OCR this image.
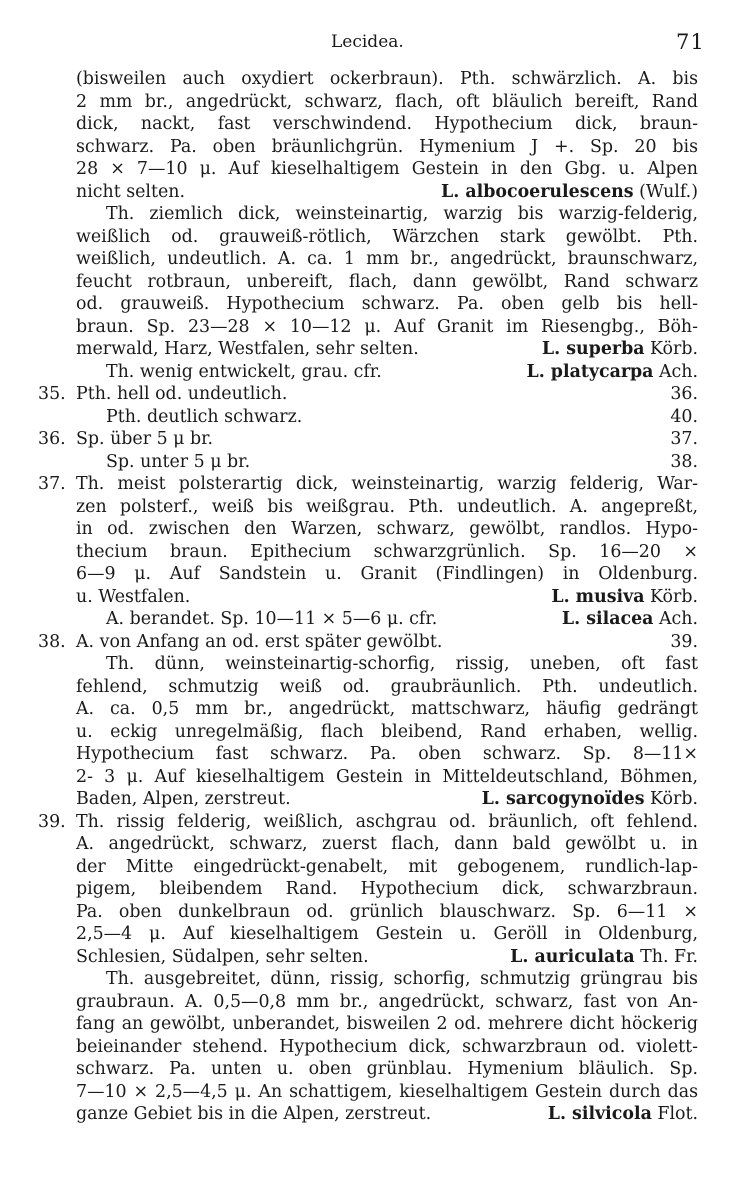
Lecidea.	71
(bisweilen auch oxydiert ockerbraun). Pth. schwärzlich. A. bis
2 mm br., angedrückt, schwarz, flach, oft bläulich bereift, Rand
dick, nackt, fast verschwindend. Hypothecium dick, braun-
schwarz. Pa. oben bräunlichgrün. Hymenium J +. Sp. 20 bis
28 × 7—10 μ. Auf kieselhaltigem Gestein in den Gbg. u. Alpen
nicht selten.	L. albocoerulescens (Wulf.)
Th. ziemlich dick, weinsteinartig, warzig bis warzig-felderig,
weißlich od. grauweiß-rötlich, Wärzchen stark gewölbt. Pth.
weißlich, undeutlich. A. ca. 1 mm br., angedrückt, braunschwarz,
feucht rotbraun, unbereift, flach, dann gewölbt, Rand schwarz
od. grauweiß. Hypothecium schwarz. Pa. oben gelb bis hell-
braun. Sp. 23—28 × 10—12 μ. Auf Granit im Riesengbg., Böh-
merwald, Harz, Westfalen, sehr selten.	L. superba Körb.
Th. wenig entwickelt, grau. cfr.	L. platycarpa Ach.
35. Pth. hell od. undeutlich.	36.
Pth. deutlich schwarz.	40.
36. Sp. über 5 μ br.	37.
Sp. unter 5 μ br.	38.
37. Th. meist polsterartig dick, weinsteinartig, warzig felderig, War-
zen polsterf., weiß bis weißgrau. Pth. undeutlich. A. angepreßt,
in od. zwischen den Warzen, schwarz, gewölbt, randlos. Hypo-
thecium braun. Epithecium schwarzgrünlich. Sp. 16—20 ×
6—9 μ. Auf Sandstein u. Granit (Findlingen) in Oldenburg.
u. Westfalen.	L. musiva Körb.
A. berandet. Sp. 10—11 × 5—6 μ. cfr.	L. silacea Ach.
38. A. von Anfang an od. erst später gewölbt.	39.
Th. dünn, weinsteinartig-schorfig, rissig, uneben, oft fast
fehlend, schmutzig weiß od. graubräunlich. Pth. undeutlich.
A. ca. 0,5 mm br., angedrückt, mattschwarz, häufig gedrängt
u. eckig unregelmäßig, flach bleibend, Rand erhaben, wellig.
Hypothecium fast schwarz. Pa. oben schwarz. Sp. 8—11×
2- 3 μ. Auf kieselhaltigem Gestein in Mitteldeutschland, Böhmen,
Baden, Alpen, zerstreut.	L. sarcogynoïdes Körb.
39. Th. rissig felderig, weißlich, aschgrau od. bräunlich, oft fehlend.
A. angedrückt, schwarz, zuerst flach, dann bald gewölbt u. in
der Mitte eingedrückt-genabelt, mit gebogenem, rundlich-lap-
pigem, bleibendem Rand. Hypothecium dick, schwarzbraun.
Pa. oben dunkelbraun od. grünlich blauschwarz. Sp. 6—11 ×
2,5—4 μ. Auf kieselhaltigem Gestein u. Geröll in Oldenburg,
Schlesien, Südalpen, sehr selten.	L. auriculata Th. Fr.
Th. ausgebreitet, dünn, rissig, schorfig, schmutzig grüngrau bis
graubraun. A. 0,5—0,8 mm br., angedrückt, schwarz, fast von An-
fang an gewölbt, unberandet, bisweilen 2 od. mehrere dicht höckerig
beieinander stehend. Hypothecium dick, schwarzbraun od. violett-
schwarz. Pa. unten u. oben grünblau. Hymenium bläulich. Sp.
7—10 × 2,5—4,5 μ. An schattigem, kieselhaltigem Gestein durch das
ganze Gebiet bis in die Alpen, zerstreut.	L. silvicola Flot.
